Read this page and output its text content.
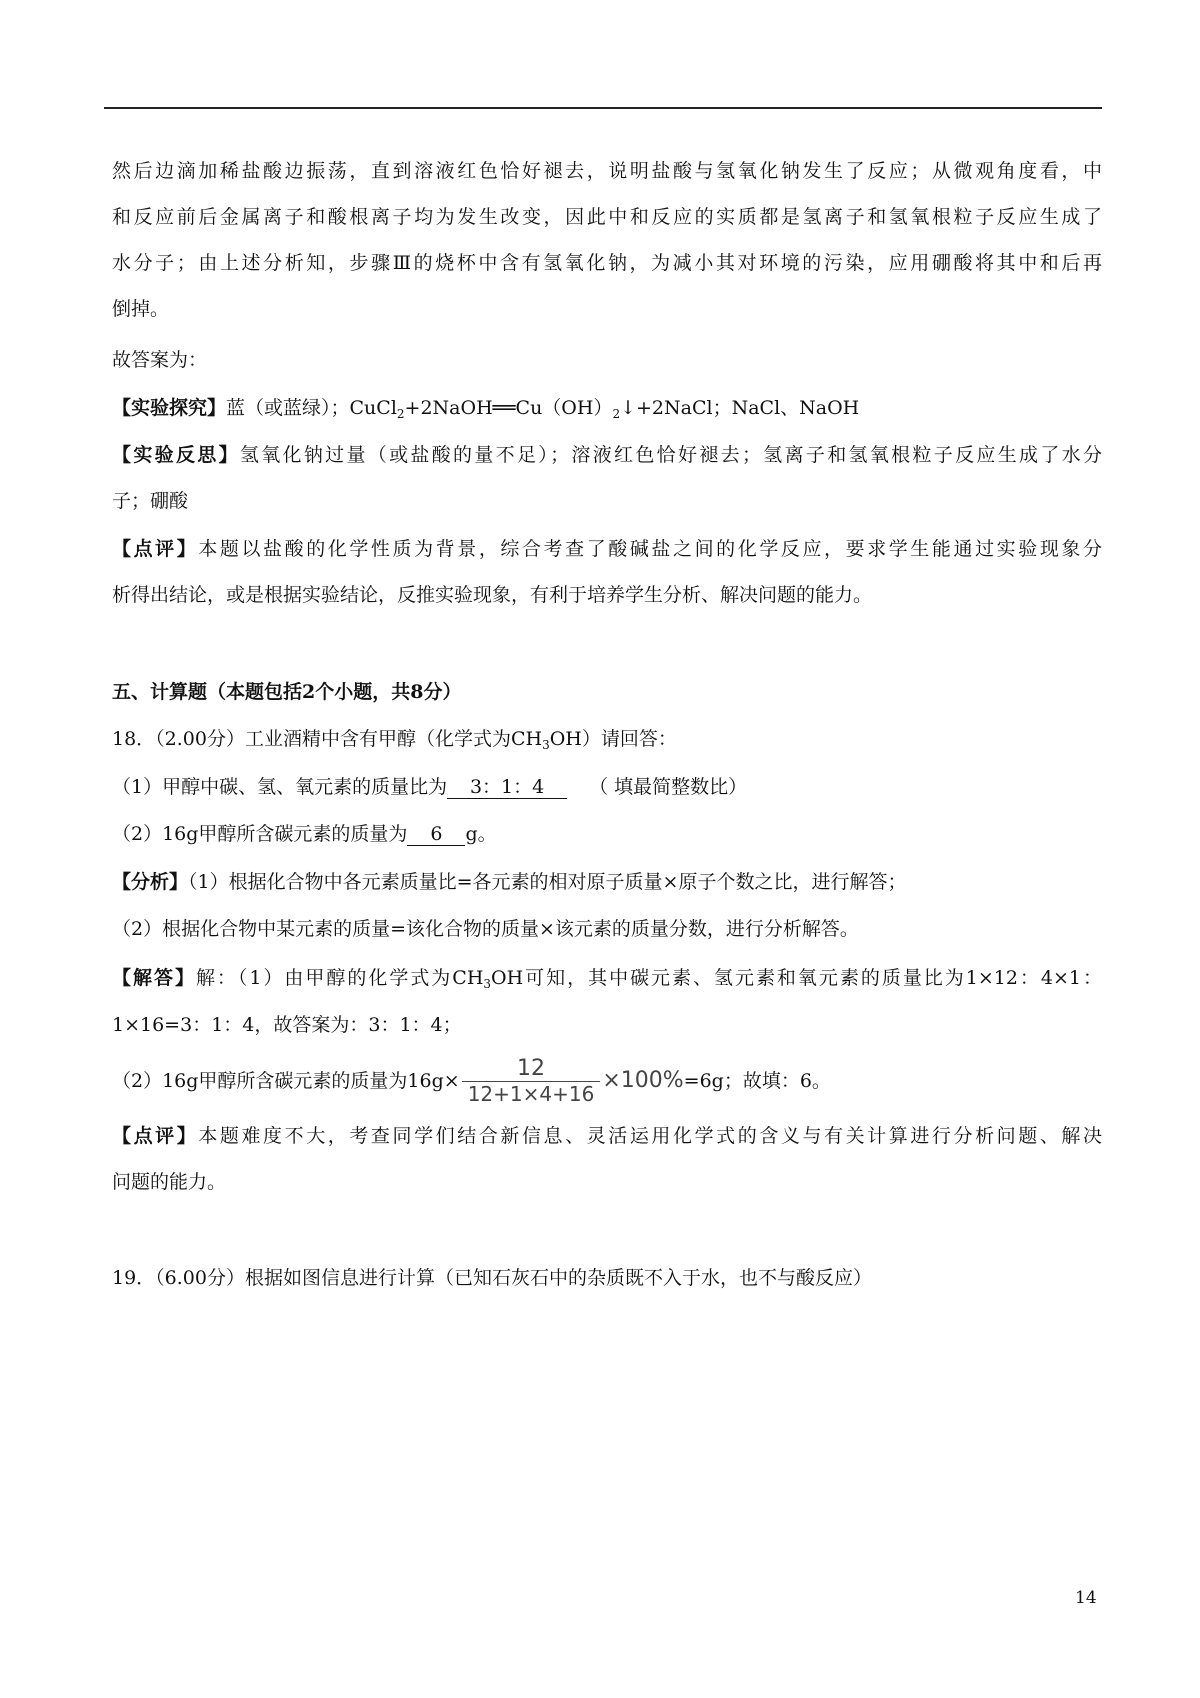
然后边滴加稀盐酸边振荡，直到溶液红色恰好褪去，说明盐酸与氢氧化钠发生了反应；从微观角度看，中
和反应前后金属离子和酸根离子均为发生改变，因此中和反应的实质都是氢离子和氢氧根粒子反应生成了
水分子；由上述分析知，步骤Ⅲ的烧杯中含有氢氧化钠，为减小其对环境的污染，应用硼酸将其中和后再
倒掉。
故答案为：
【实验探究】蓝（或蓝绿）；$CuCl_2+2NaOH══Cu(OH)_2↓+2NaCl$；NaCl、NaOH
【实验反思】氢氧化钠过量（或盐酸的量不足）；溶液红色恰好褪去；氢离子和氢氧根粒子反应生成了水分
子；硼酸
【点评】本题以盐酸的化学性质为背景，综合考查了酸碱盐之间的化学反应，要求学生能通过实验现象分
析得出结论，或是根据实验结论，反推实验现象，有利于培养学生分析、解决问题的能力。
五、计算题（本题包括2个小题，共8分）
18．（2.00分）工业酒精中含有甲醇（化学式为$CH_3OH$）请回答：
（1）甲醇中碳、氢、氧元素的质量比为 3：1：4 （ 填最简整数比）
（2）16g甲醇所含碳元素的质量为 6 g。
【分析】（1）根据化合物中各元素质量比=各元素的相对原子质量×原子个数之比，进行解答；
（2）根据化合物中某元素的质量=该化合物的质量×该元素的质量分数，进行分析解答。
【解答】解：（1）由甲醇的化学式为$CH_3OH$可知，其中碳元素、氢元素和氧元素的质量比为1×12：4×1：
1×16=3：1：4，故答案为：3：1：4；
（2）16g甲醇所含碳元素的质量为$16g\times \frac{12}{12+1\times 4+16} \times 100\% =6g$；故填：6。
【点评】本题难度不大，考查同学们结合新信息、灵活运用化学式的含义与有关计算进行分析问题、解决
问题的能力。
19．（6.00分）根据如图信息进行计算（已知石灰石中的杂质既不入于水，也不与酸反应）
14
